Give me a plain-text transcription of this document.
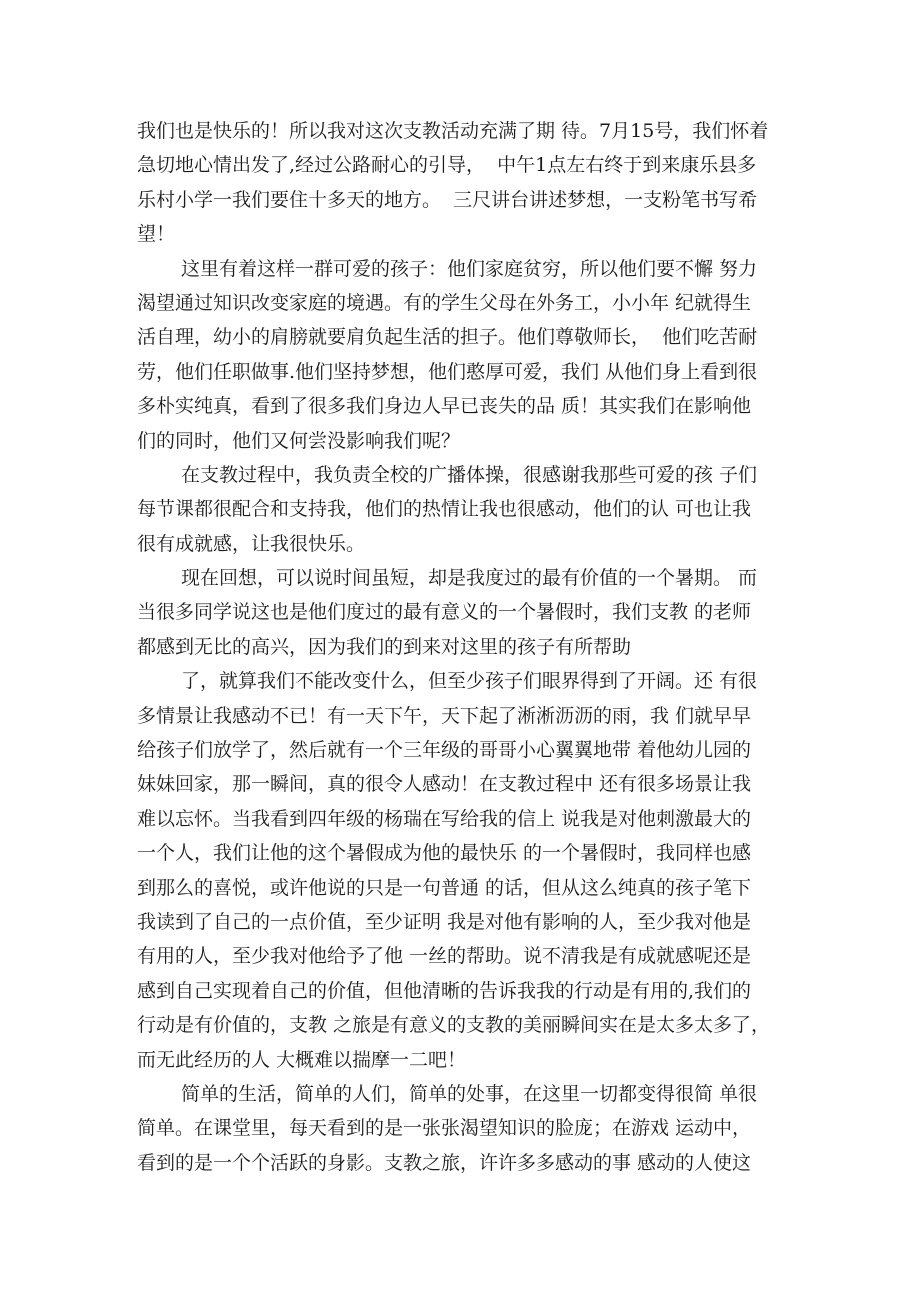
我们也是快乐的！所以我对这次支教活动充满了期 待。7月15号，我们怀着
急切地心情出发了,经过公路耐心的引导，  中午1点左右终于到来康乐县多
乐村小学一我们要住十多天的地方。  三尺讲台讲述梦想，一支粉笔书写希
望！
这里有着这样一群可爱的孩子：他们家庭贫穷，所以他们要不懈 努力
渴望通过知识改变家庭的境遇。有的学生父母在外务工，小小年 纪就得生
活自理，幼小的肩膀就要肩负起生活的担子。他们尊敬师长，  他们吃苦耐
劳，他们任职做事.他们坚持梦想，他们憨厚可爱，我们 从他们身上看到很
多朴实纯真，看到了很多我们身边人早已丧失的品 质！其实我们在影响他
们的同时，他们又何尝没影响我们呢？
在支教过程中，我负责全校的广播体操，很感谢我那些可爱的孩 子们
每节课都很配合和支持我，他们的热情让我也很感动，他们的认 可也让我
很有成就感，让我很快乐。
现在回想，可以说时间虽短，却是我度过的最有价值的一个暑期。 而
当很多同学说这也是他们度过的最有意义的一个暑假时，我们支教 的老师
都感到无比的高兴，因为我们的到来对这里的孩子有所帮助
了，就算我们不能改变什么，但至少孩子们眼界得到了开阔。还 有很
多情景让我感动不已！有一天下午，天下起了淅淅沥沥的雨，我 们就早早
给孩子们放学了，然后就有一个三年级的哥哥小心翼翼地带 着他幼儿园的
妹妹回家，那一瞬间，真的很令人感动！在支教过程中 还有很多场景让我
难以忘怀。当我看到四年级的杨瑞在写给我的信上 说我是对他刺激最大的
一个人，我们让他的这个暑假成为他的最快乐 的一个暑假时，我同样也感
到那么的喜悦，或许他说的只是一句普通 的话，但从这么纯真的孩子笔下
我读到了自己的一点价值，至少证明 我是对他有影响的人，至少我对他是
有用的人，至少我对他给予了他 一丝的帮助。说不清我是有成就感呢还是
感到自己实现着自己的价值，但他清晰的告诉我我的行动是有用的,我们的
行动是有价值的，支教 之旅是有意义的支教的美丽瞬间实在是太多太多了，
而无此经历的人 大概难以揣摩一二吧！
简单的生活，简单的人们，简单的处事，在这里一切都变得很简 单很
简单。在课堂里，每天看到的是一张张渴望知识的脸庞；在游戏 运动中，
看到的是一个个活跃的身影。支教之旅，许许多多感动的事 感动的人使这
